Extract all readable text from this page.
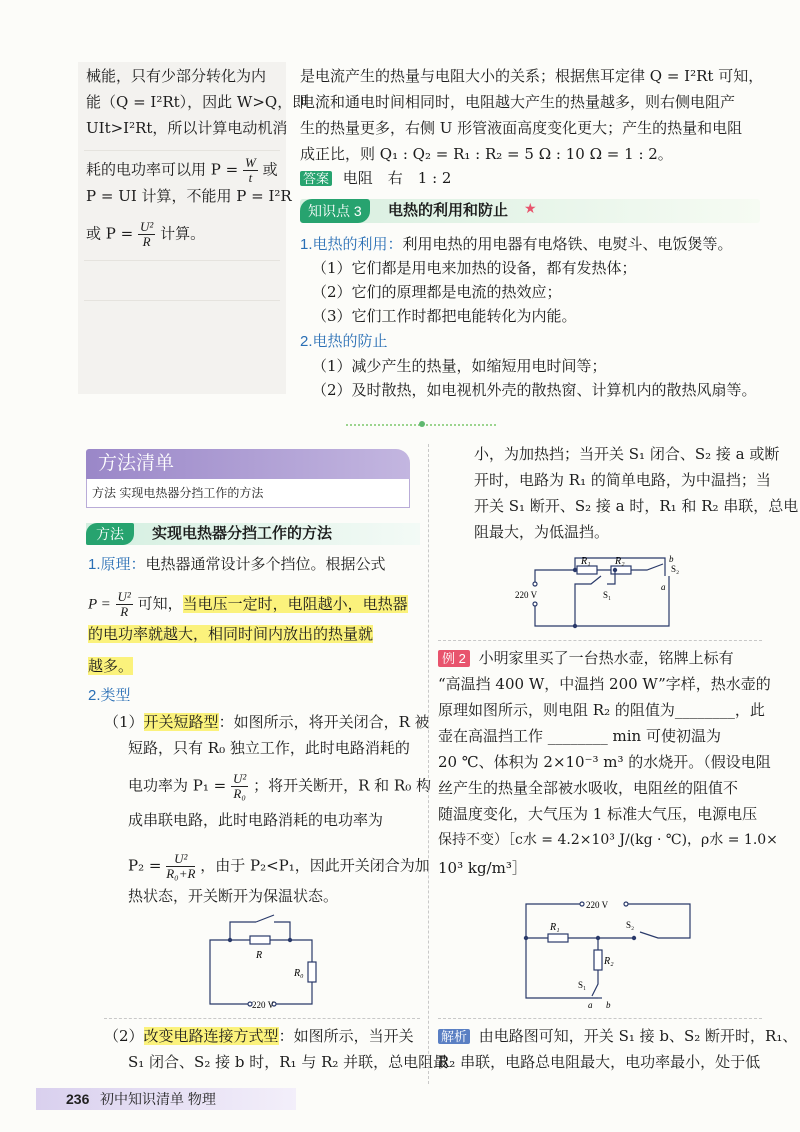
械能，只有少部分转化为内
能（Q = I²Rt），因此 W>Q，即
UIt>I²Rt，所以计算电动机消
耗的电功率可以用 $P = \frac{W}{t}$ 或
P = UI 计算，不能用 P = I²R
或 $P = \frac{\text{U²}}{R}$ 计算。
是电流产生的热量与电阻大小的关系；根据焦耳定律 Q = I²Rt 可知，
电流和通电时间相同时，电阻越大产生的热量越多，则右侧电阻产
生的热量更多，右侧 U 形管液面高度变化更大；产生的热量和电阻
成正比，则 Q₁ : Q₂ = R₁ : R₂ = 5 Ω : 10 Ω = 1 : 2。
答案 电阻　右　1 : 2
知识点 3	电热的利用和防止 ★
1.电热的利用：利用电热的用电器有电烙铁、电熨斗、电饭煲等。
（1）它们都是用电来加热的设备，都有发热体；
（2）它们的原理都是电流的热效应；
（3）它们工作时都把电能转化为内能。
2.电热的防止
（1）减少产生的热量，如缩短用电时间等；
（2）及时散热，如电视机外壳的散热窗、计算机内的散热风扇等。
方法清单
方法 实现电热器分挡工作的方法
方法	实现电热器分挡工作的方法
1.原理：电热器通常设计多个挡位。根据公式
$P = \frac{\text{U²}}{R}$ 可知，当电压一定时，电阻越小，电热器
的电功率就越大，相同时间内放出的热量就
越多。
2.类型
（1）开关短路型：如图所示，将开关闭合，R 被
短路，只有 R₀ 独立工作，此时电路消耗的
电功率为 $P_1 = \frac{\text{U²}}{\text{R₀}}$ ；将开关断开，R 和 R₀ 构
成串联电路，此时电路消耗的电功率为
$P_2 = \frac{\text{U²}}{\text{R₀+R}}$ ，由于 P₂<P₁，因此开关闭合为加
热状态，开关断开为保温状态。
R
R₀
220 V
（2）改变电路连接方式型：如图所示，当开关
S₁ 闭合、S₂ 接 b 时，R₁ 与 R₂ 并联，总电阻最
小，为加热挡；当开关 S₁ 闭合、S₂ 接 a 或断
开时，电路为 R₁ 的简单电路，为中温挡；当
开关 S₁ 断开、S₂ 接 a 时，R₁ 和 R₂ 串联，总电
阻最大，为低温挡。
220 V
R₁ R₂
S₁
S₂
b
a
例 2 小明家里买了一台热水壶，铭牌上标有
“高温挡 400 W，中温挡 200 W”字样，热水壶的
原理如图所示，则电阻 R₂ 的阻值为________，此
壶在高温挡工作 ________ min 可使初温为
20 ℃、体积为 2×10⁻³ m³ 的水烧开。（假设电阻
丝产生的热量全部被水吸收，电阻丝的阻值不
随温度变化，大气压为 1 标准大气压，电源电压
保持不变）［c水 = 4.2×10³ J/(kg · ℃)，ρ水 = 1.0×
10³ kg/m³］
220 V
R₁
R₂
S₁
S₂
a b
解析 由电路图可知，开关 S₁ 接 b、S₂ 断开时，R₁、
R₂ 串联，电路总电阻最大，电功率最小，处于低
236 初中知识清单 物理
